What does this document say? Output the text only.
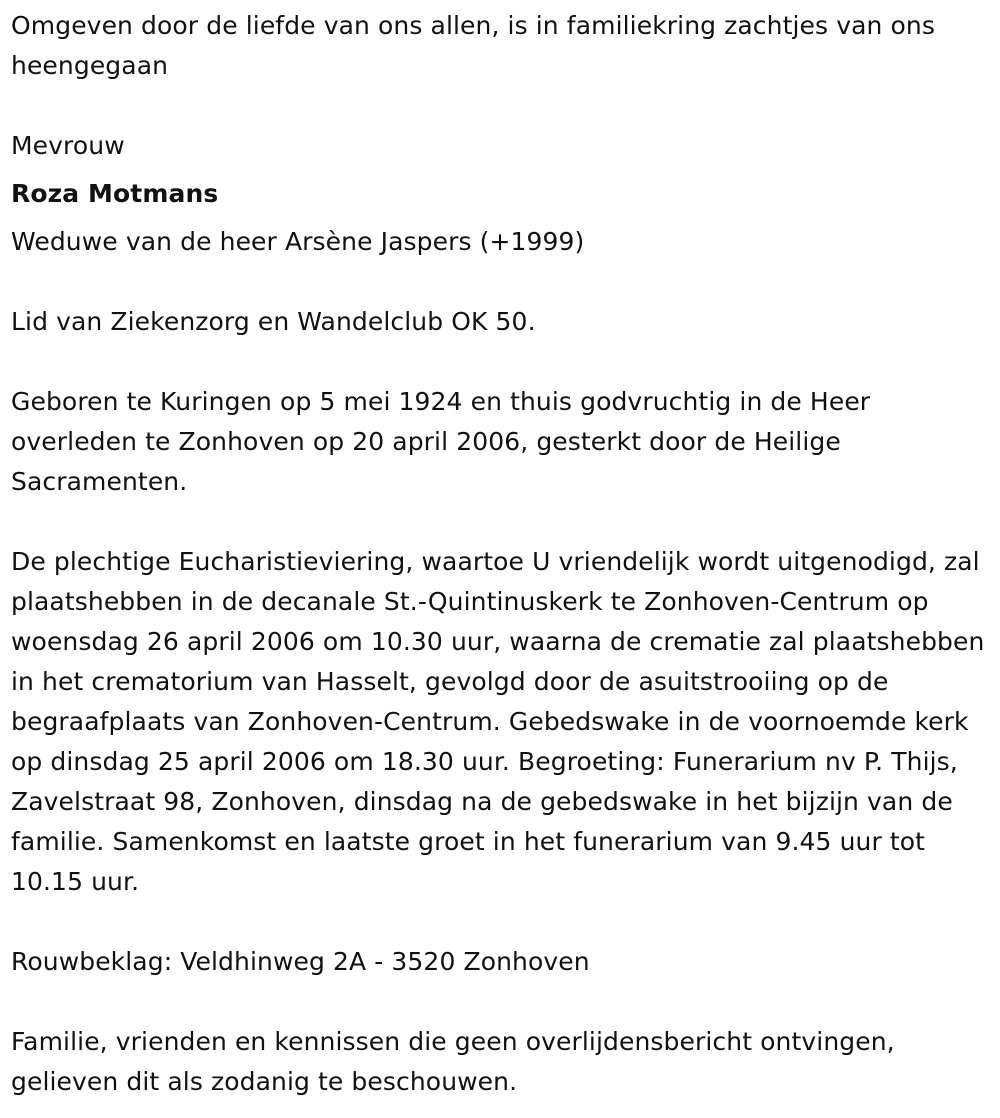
Omgeven door de liefde van ons allen, is in familiekring zachtjes van ons heengegaan

Mevrouw

Roza Motmans

Weduwe van de heer Arsène Jaspers (+1999)

Lid van Ziekenzorg en Wandelclub OK 50.

Geboren te Kuringen op 5 mei 1924 en thuis godvruchtig in de Heer overleden te Zonhoven op 20 april 2006, gesterkt door de Heilige Sacramenten.

De plechtige Eucharistieviering, waartoe U vriendelijk wordt uitgenodigd, zal plaatshebben in de decanale St.-Quintinuskerk te Zonhoven-Centrum op woensdag 26 april 2006 om 10.30 uur, waarna de crematie zal plaatshebben in het crematorium van Hasselt, gevolgd door de asuitstrooiing op de begraafplaats van Zonhoven-Centrum. Gebedswake in de voornoemde kerk op dinsdag 25 april 2006 om 18.30 uur. Begroeting: Funerarium nv P. Thijs, Zavelstraat 98, Zonhoven, dinsdag na de gebedswake in het bijzijn van de familie. Samenkomst en laatste groet in het funerarium van 9.45 uur tot 10.15 uur.

Rouwbeklag: Veldhinweg 2A - 3520 Zonhoven

Familie, vrienden en kennissen die geen overlijdensbericht ontvingen, gelieven dit als zodanig te beschouwen.
